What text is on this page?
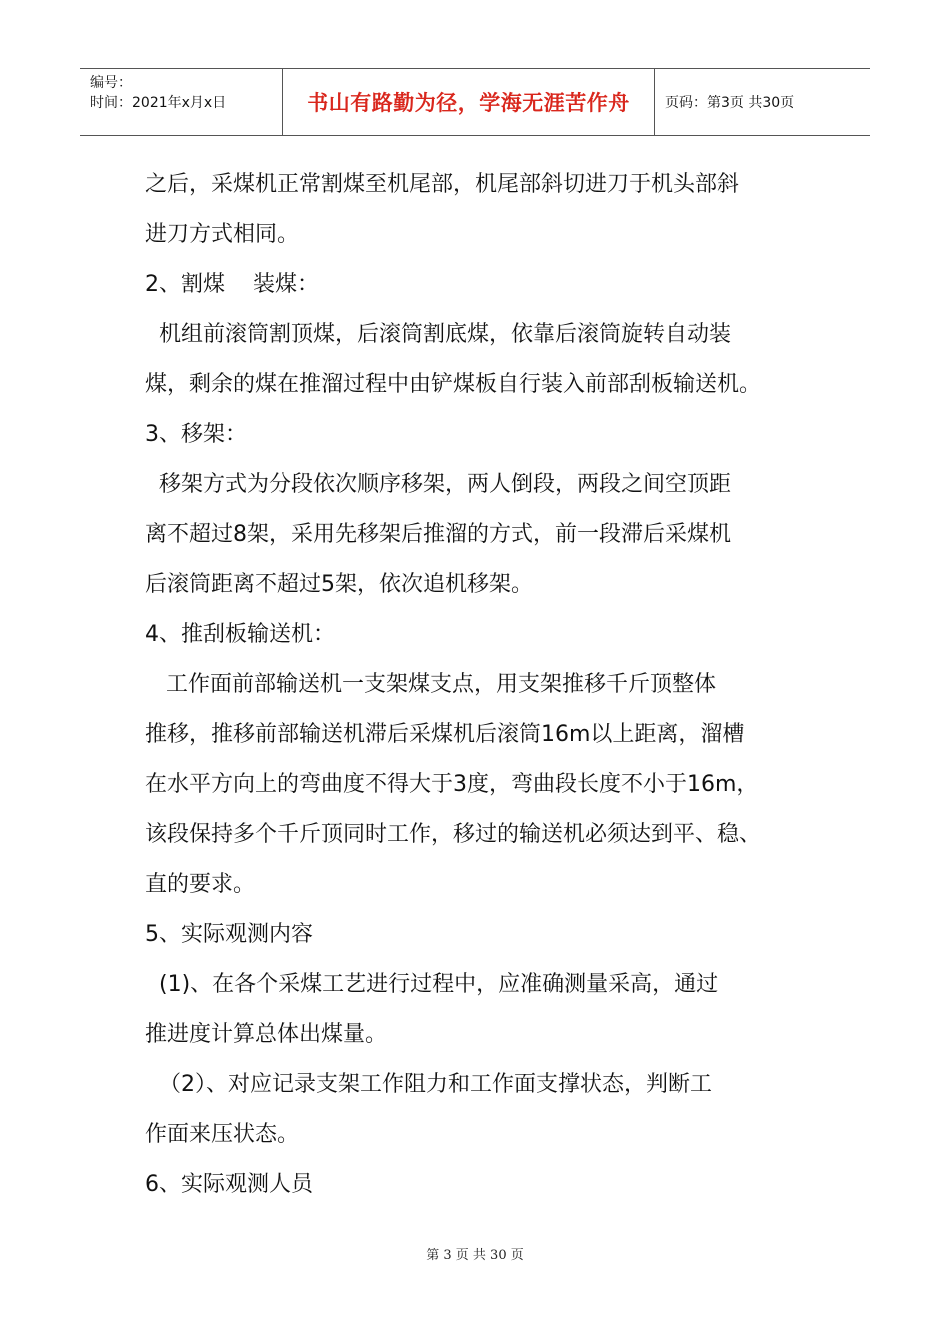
编号：
时间：2021年x月x日	书山有路勤为径，学海无涯苦作舟	页码：第3页 共30页

之后，采煤机正常割煤至机尾部，机尾部斜切进刀于机头部斜

进刀方式相同。

2、割煤    装煤：

机组前滚筒割顶煤，后滚筒割底煤，依靠后滚筒旋转自动装

煤，剩余的煤在推溜过程中由铲煤板自行装入前部刮板输送机。

3、移架：

移架方式为分段依次顺序移架，两人倒段，两段之间空顶距

离不超过8架，采用先移架后推溜的方式，前一段滞后采煤机

后滚筒距离不超过5架，依次追机移架。

4、推刮板输送机：

工作面前部输送机一支架煤支点，用支架推移千斤顶整体

推移，推移前部输送机滞后采煤机后滚筒16m以上距离，溜槽

在水平方向上的弯曲度不得大于3度，弯曲段长度不小于16m，

该段保持多个千斤顶同时工作，移过的输送机必须达到平、稳、

直的要求。

5、实际观测内容

(1)、在各个采煤工艺进行过程中，应准确测量采高，通过

推进度计算总体出煤量。

（2）、对应记录支架工作阻力和工作面支撑状态，判断工

作面来压状态。

6、实际观测人员

第 3 页 共 30 页
